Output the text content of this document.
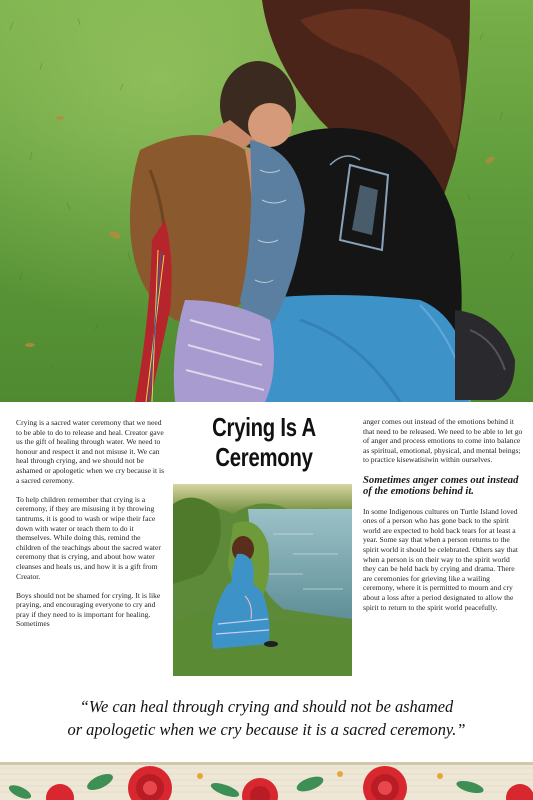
Crying is a sacred water ceremony that we need to be able to do to release and heal. Creator gave us the gift of healing through water. We need to honour and respect it and not misuse it. We can heal through crying, and we should not be ashamed or apologetic when we cry because it is a sacred ceremony.

To help children remember that crying is a ceremony, if they are misusing it by throwing tantrums, it is good to wash or wipe their face down with water or teach them to do it themselves. While doing this, remind the children of the teachings about the sacred water ceremony that is crying, and about how water cleanses and heals us, and how it is a gift from Creator.

Boys should not be shamed for crying. It is like praying, and encouraging everyone to cry and pray if they need to is important for healing. Sometimes

Crying Is A
Ceremony

anger comes out instead of the emotions behind it that need to be released. We need to be able to let go of anger and process emotions to come into balance as spiritual, emotional, physical, and mental beings; to practice kisewatisiwin within ourselves.

Sometimes anger comes out instead of the emotions behind it.

In some Indigenous cultures on Turtle Island loved ones of a person who has gone back to the spirit world are expected to hold back tears for at least a year. Some say that when a person returns to the spirit world it should be celebrated. Others say that when a person is on their way to the spirit world they can be held back by crying and drama. There are ceremonies for grieving like a wailing ceremony, where it is permitted to mourn and cry about a loss after a period designated to allow the spirit to return to the spirit world peacefully.

“We can heal through crying and should not be ashamed
or apologetic when we cry because it is a sacred ceremony.”
